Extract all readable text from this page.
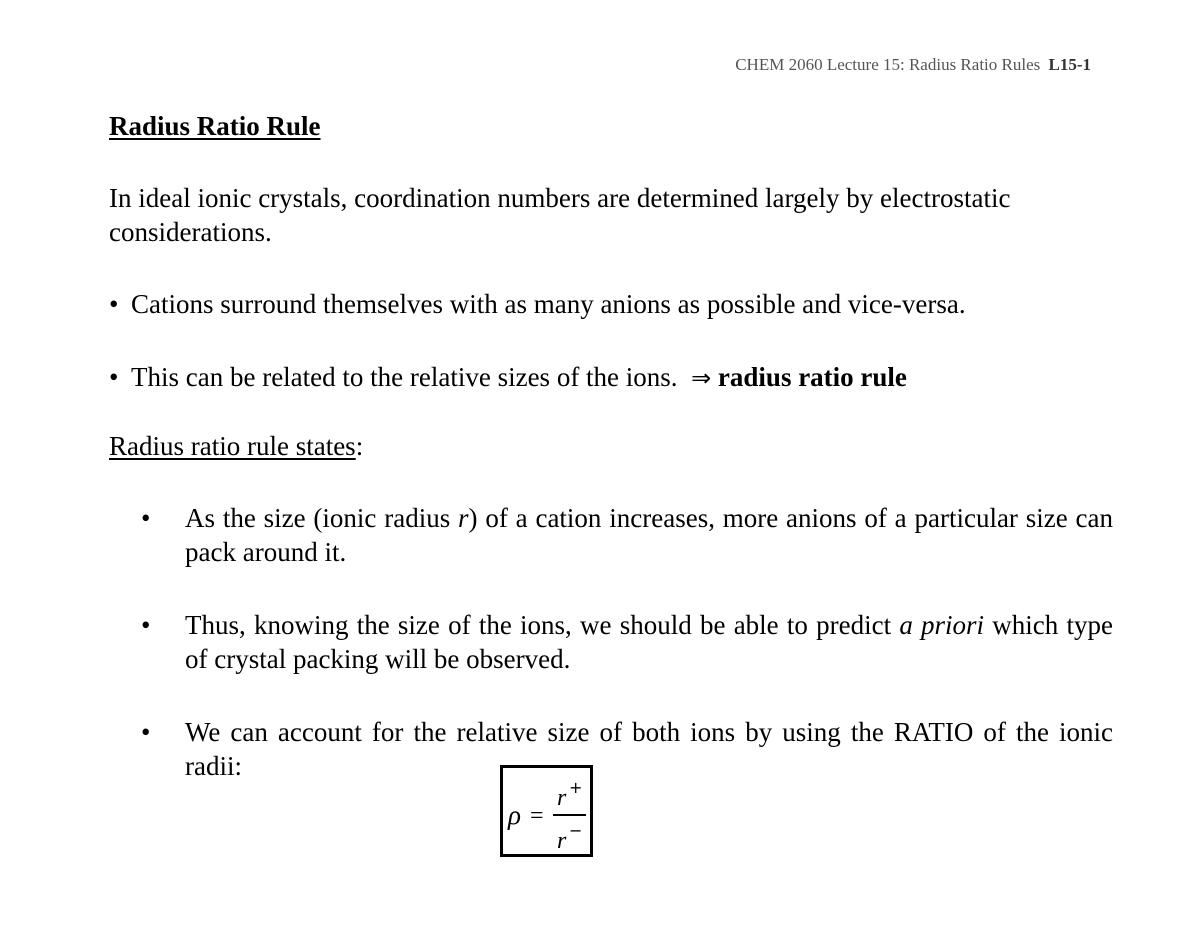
CHEM 2060 Lecture 15: Radius Ratio Rules L15-1
Radius Ratio Rule
In ideal ionic crystals, coordination numbers are determined largely by electrostatic considerations.
• Cations surround themselves with as many anions as possible and vice-versa.
• This can be related to the relative sizes of the ions. ⇒ radius ratio rule
Radius ratio rule states:
• As the size (ionic radius r) of a cation increases, more anions of a particular size can pack around it.
• Thus, knowing the size of the ions, we should be able to predict a priori which type of crystal packing will be observed.
• We can account for the relative size of both ions by using the RATIO of the ionic radii:
ρ =
r +
r −
